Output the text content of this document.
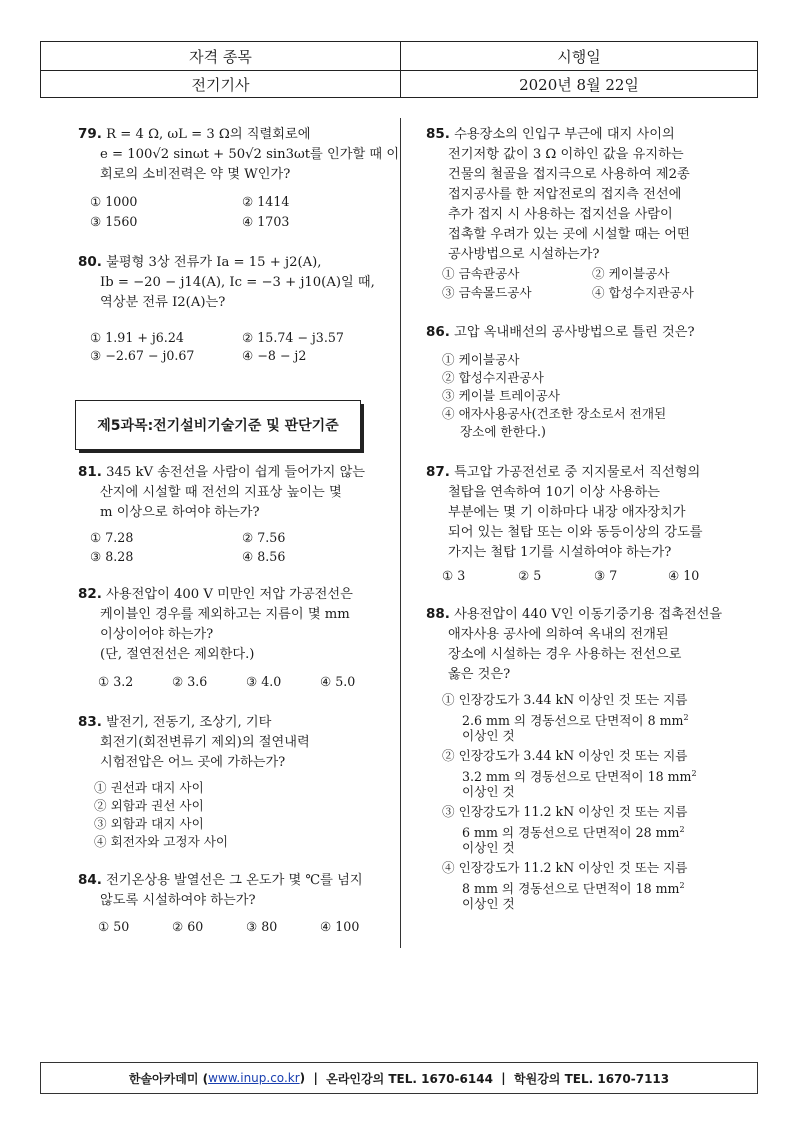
자격 종목	시행일
전기기사	2020년 8월 22일
79. R = 4 Ω, ωL = 3 Ω의 직렬회로에
e = 100√2 sinωt + 50√2 sin3ωt를 인가할 때 이
회로의 소비전력은 약 몇 W인가?
① 1000	② 1414
③ 1560	④ 1703
80. 불평형 3상 전류가 Ia = 15 + j2(A),
Ib = −20 − j14(A), Ic = −3 + j10(A)일 때,
역상분 전류 I2(A)는?
① 1.91 + j6.24	② 15.74 − j3.57
③ −2.67 − j0.67	④ −8 − j2
제5과목:전기설비기술기준 및 판단기준
81. 345 kV 송전선을 사람이 쉽게 들어가지 않는
산지에 시설할 때 전선의 지표상 높이는 몇
m 이상으로 하여야 하는가?
① 7.28	② 7.56
③ 8.28	④ 8.56
82. 사용전압이 400 V 미만인 저압 가공전선은
케이블인 경우를 제외하고는 지름이 몇 mm
이상이어야 하는가?
(단, 절연전선은 제외한다.)
① 3.2	② 3.6	③ 4.0	④ 5.0
83. 발전기, 전동기, 조상기, 기타
회전기(회전변류기 제외)의 절연내력
시험전압은 어느 곳에 가하는가?
① 권선과 대지 사이
② 외함과 권선 사이
③ 외함과 대지 사이
④ 회전자와 고정자 사이
84. 전기온상용 발열선은 그 온도가 몇 ℃를 넘지
않도록 시설하여야 하는가?
① 50	② 60	③ 80	④ 100
85. 수용장소의 인입구 부근에 대지 사이의
전기저항 값이 3 Ω 이하인 값을 유지하는
건물의 철골을 접지극으로 사용하여 제2종
접지공사를 한 저압전로의 접지측 전선에
추가 접지 시 사용하는 접지선을 사람이
접촉할 우려가 있는 곳에 시설할 때는 어떤
공사방법으로 시설하는가?
① 금속관공사	② 케이블공사
③ 금속몰드공사	④ 합성수지관공사
86. 고압 옥내배선의 공사방법으로 틀린 것은?
① 케이블공사
② 합성수지관공사
③ 케이블 트레이공사
④ 애자사용공사(건조한 장소로서 전개된
장소에 한한다.)
87. 특고압 가공전선로 중 지지물로서 직선형의
철탑을 연속하여 10기 이상 사용하는
부분에는 몇 기 이하마다 내장 애자장치가
되어 있는 철탑 또는 이와 동등이상의 강도를
가지는 철탑 1기를 시설하여야 하는가?
① 3	② 5	③ 7	④ 10
88. 사용전압이 440 V인 이동기중기용 접촉전선을
애자사용 공사에 의하여 옥내의 전개된
장소에 시설하는 경우 사용하는 전선으로
옳은 것은?
① 인장강도가 3.44 kN 이상인 것 또는 지름
2.6 mm 의 경동선으로 단면적이 8 $mm^2$
이상인 것
② 인장강도가 3.44 kN 이상인 것 또는 지름
3.2 mm 의 경동선으로 단면적이 18 $mm^2$
이상인 것
③ 인장강도가 11.2 kN 이상인 것 또는 지름
6 mm 의 경동선으로 단면적이 28 $mm^2$
이상인 것
④ 인장강도가 11.2 kN 이상인 것 또는 지름
8 mm 의 경동선으로 단면적이 18 $mm^2$
이상인 것
한솔아카데미 ( www.inup.co.kr )
|
온라인강의 TEL. 1670-6144
|
학원강의 TEL. 1670-7113
